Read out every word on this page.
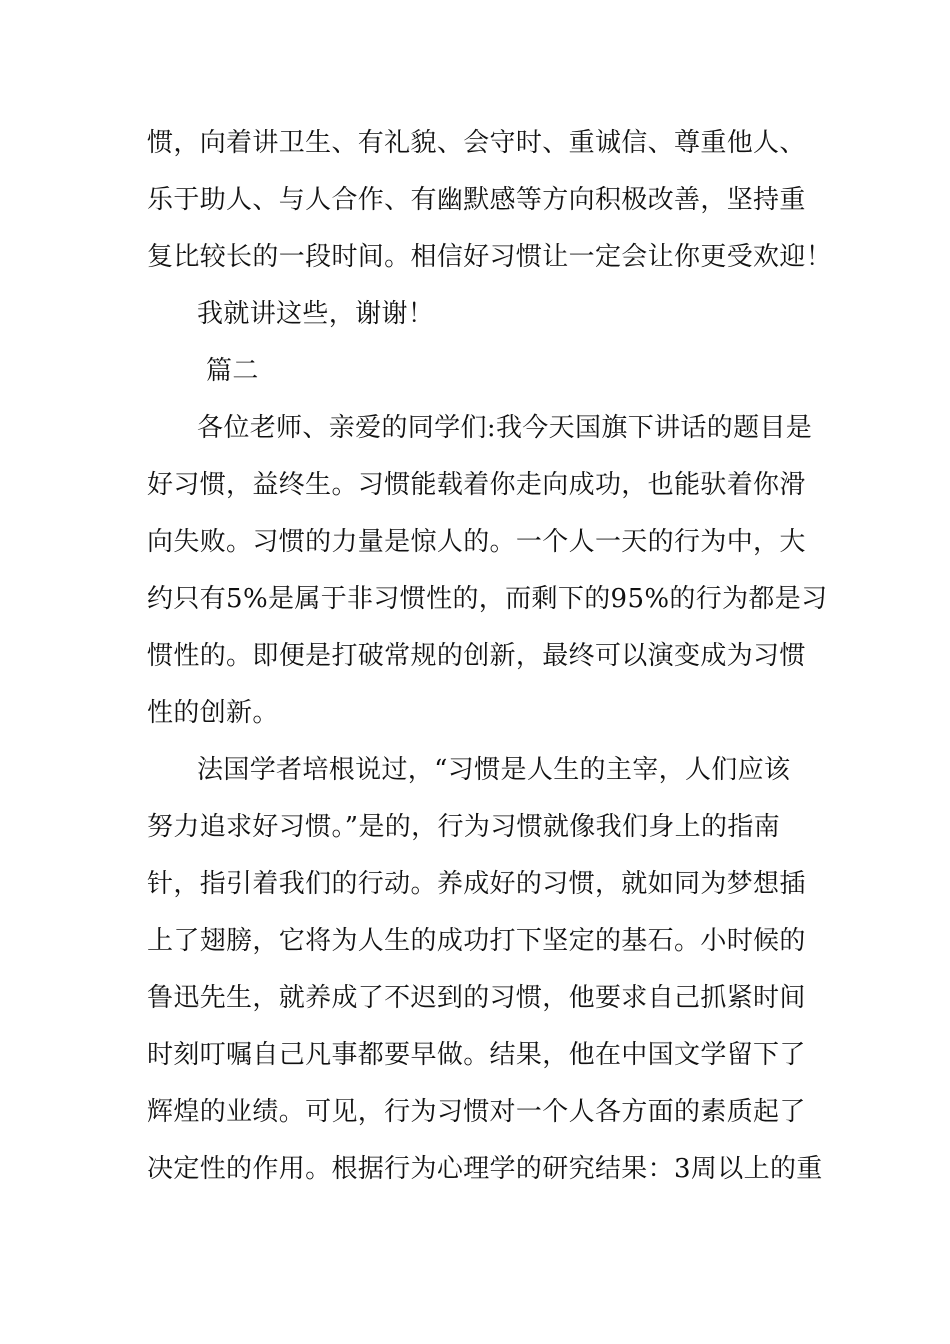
惯，向着讲卫生、有礼貌、会守时、重诚信、尊重他人、
乐于助人、与人合作、有幽默感等方向积极改善，坚持重
复比较长的一段时间。相信好习惯让一定会让你更受欢迎！
我就讲这些，谢谢！
篇二
各位老师、亲爱的同学们:我今天国旗下讲话的题目是
好习惯，益终生。习惯能载着你走向成功，也能驮着你滑
向失败。习惯的力量是惊人的。一个人一天的行为中，大
约只有5%是属于非习惯性的，而剩下的95%的行为都是习
惯性的。即便是打破常规的创新，最终可以演变成为习惯
性的创新。
法国学者培根说过，“习惯是人生的主宰，人们应该
努力追求好习惯。”是的，行为习惯就像我们身上的指南
针，指引着我们的行动。养成好的习惯，就如同为梦想插
上了翅膀，它将为人生的成功打下坚定的基石。小时候的
鲁迅先生，就养成了不迟到的习惯，他要求自己抓紧时间
时刻叮嘱自己凡事都要早做。结果，他在中国文学留下了
辉煌的业绩。可见，行为习惯对一个人各方面的素质起了
决定性的作用。根据行为心理学的研究结果：3周以上的重
